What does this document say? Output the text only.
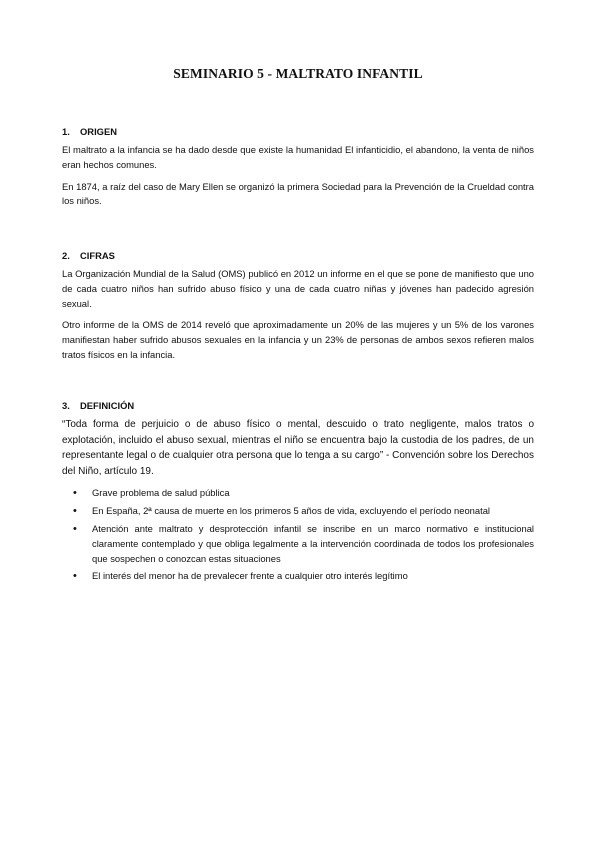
SEMINARIO 5 - MALTRATO INFANTIL
1. ORIGEN

El maltrato a la infancia se ha dado desde que existe la humanidad El infanticidio, el abandono, la venta de niños eran hechos comunes.

En 1874, a raíz del caso de Mary Ellen se organizó la primera Sociedad para la Prevención de la Crueldad contra los niños.

2. CIFRAS

La Organización Mundial de la Salud (OMS) publicó en 2012 un informe en el que se pone de manifiesto que uno de cada cuatro niños han sufrido abuso físico y una de cada cuatro niñas y jóvenes han padecido agresión sexual.

Otro informe de la OMS de 2014 reveló que aproximadamente un 20% de las mujeres y un 5% de los varones manifiestan haber sufrido abusos sexuales en la infancia y un 23% de personas de ambos sexos refieren malos tratos físicos en la infancia.

3. DEFINICIÓN

“Toda forma de perjuicio o de abuso físico o mental, descuido o trato negligente, malos tratos o explotación, incluido el abuso sexual, mientras el niño se encuentra bajo la custodia de los padres, de un representante legal o de cualquier otra persona que lo tenga a su cargo” - Convención sobre los Derechos del Niño, artículo 19.

• Grave problema de salud pública
• En España, 2ª causa de muerte en los primeros 5 años de vida, excluyendo el período neonatal
• Atención ante maltrato y desprotección infantil se inscribe en un marco normativo e institucional claramente contemplado y que obliga legalmente a la intervención coordinada de todos los profesionales que sospechen o conozcan estas situaciones
• El interés del menor ha de prevalecer frente a cualquier otro interés legítimo
